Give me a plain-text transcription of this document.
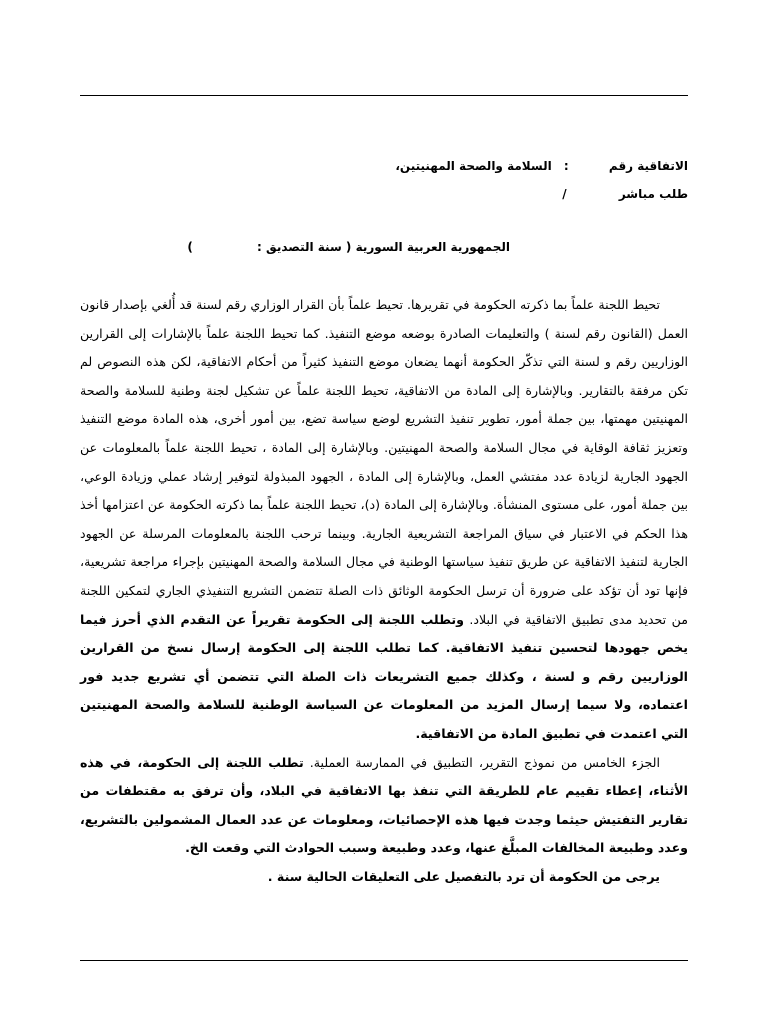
الاتفاقية رقم : السلامة والصحة المهنيتين،
طلب مباشر /
الجمهورية العربية السورية ( سنة التصديق : )

تحيط اللجنة علماً بما ذكرته الحكومة في تقريرها. تحيط علماً بأن القرار الوزاري رقم لسنة قد أُلغي بإصدار قانون العمل (القانون رقم لسنة ) والتعليمات الصادرة بوضعه موضع التنفيذ. كما تحيط اللجنة علماً بالإشارات إلى القرارين الوزاريين رقم و لسنة التي تذكّر الحكومة أنهما يضعان موضع التنفيذ كثيراً من أحكام الاتفاقية، لكن هذه النصوص لم تكن مرفقة بالتقارير. وبالإشارة إلى المادة من الاتفاقية، تحيط اللجنة علماً عن تشكيل لجنة وطنية للسلامة والصحة المهنيتين مهمتها، بين جملة أمور، تطوير تنفيذ التشريع لوضع سياسة تضع، بين أمور أخرى، هذه المادة موضع التنفيذ وتعزيز ثقافة الوقاية في مجال السلامة والصحة المهنيتين. وبالإشارة إلى المادة ، تحيط اللجنة علماً بالمعلومات عن الجهود الجارية لزيادة عدد مفتشي العمل، وبالإشارة إلى المادة ، الجهود المبذولة لتوفير إرشاد عملي وزيادة الوعي، بين جملة أمور، على مستوى المنشأة. وبالإشارة إلى المادة (د)، تحيط اللجنة علماً بما ذكرته الحكومة عن اعتزامها أخذ هذا الحكم في الاعتبار في سياق المراجعة التشريعية الجارية. وبينما ترحب اللجنة بالمعلومات المرسلة عن الجهود الجارية لتنفيذ الاتفاقية عن طريق تنفيذ سياستها الوطنية في مجال السلامة والصحة المهنيتين بإجراء مراجعة تشريعية، فإنها تود أن تؤكد على ضرورة أن ترسل الحكومة الوثائق ذات الصلة تتضمن التشريع التنفيذي الجاري لتمكين اللجنة من تحديد مدى تطبيق الاتفاقية في البلاد. وتطلب اللجنة إلى الحكومة تقريراً عن التقدم الذي أحرز فيما يخص جهودها لتحسين تنفيذ الاتفاقية. كما تطلب اللجنة إلى الحكومة إرسال نسخ من القرارين الوزاريين رقم و لسنة ، وكذلك جميع التشريعات ذات الصلة التي تتضمن أي تشريع جديد فور اعتماده، ولا سيما إرسال المزيد من المعلومات عن السياسة الوطنية للسلامة والصحة المهنيتين التي اعتمدت في تطبيق المادة من الاتفاقية.

الجزء الخامس من نموذج التقرير، التطبيق في الممارسة العملية. تطلب اللجنة إلى الحكومة، في هذه الأثناء، إعطاء تقييم عام للطريقة التي تنفذ بها الاتفاقية في البلاد، وأن ترفق به مقتطفات من تقارير التفتيش حيثما وجدت فيها هذه الإحصائيات، ومعلومات عن عدد العمال المشمولين بالتشريع، وعدد وطبيعة المخالفات المبلَّغ عنها، وعدد وطبيعة وسبب الحوادث التي وقعت الخ.

يرجى من الحكومة أن ترد بالتفصيل على التعليقات الحالية سنة .
